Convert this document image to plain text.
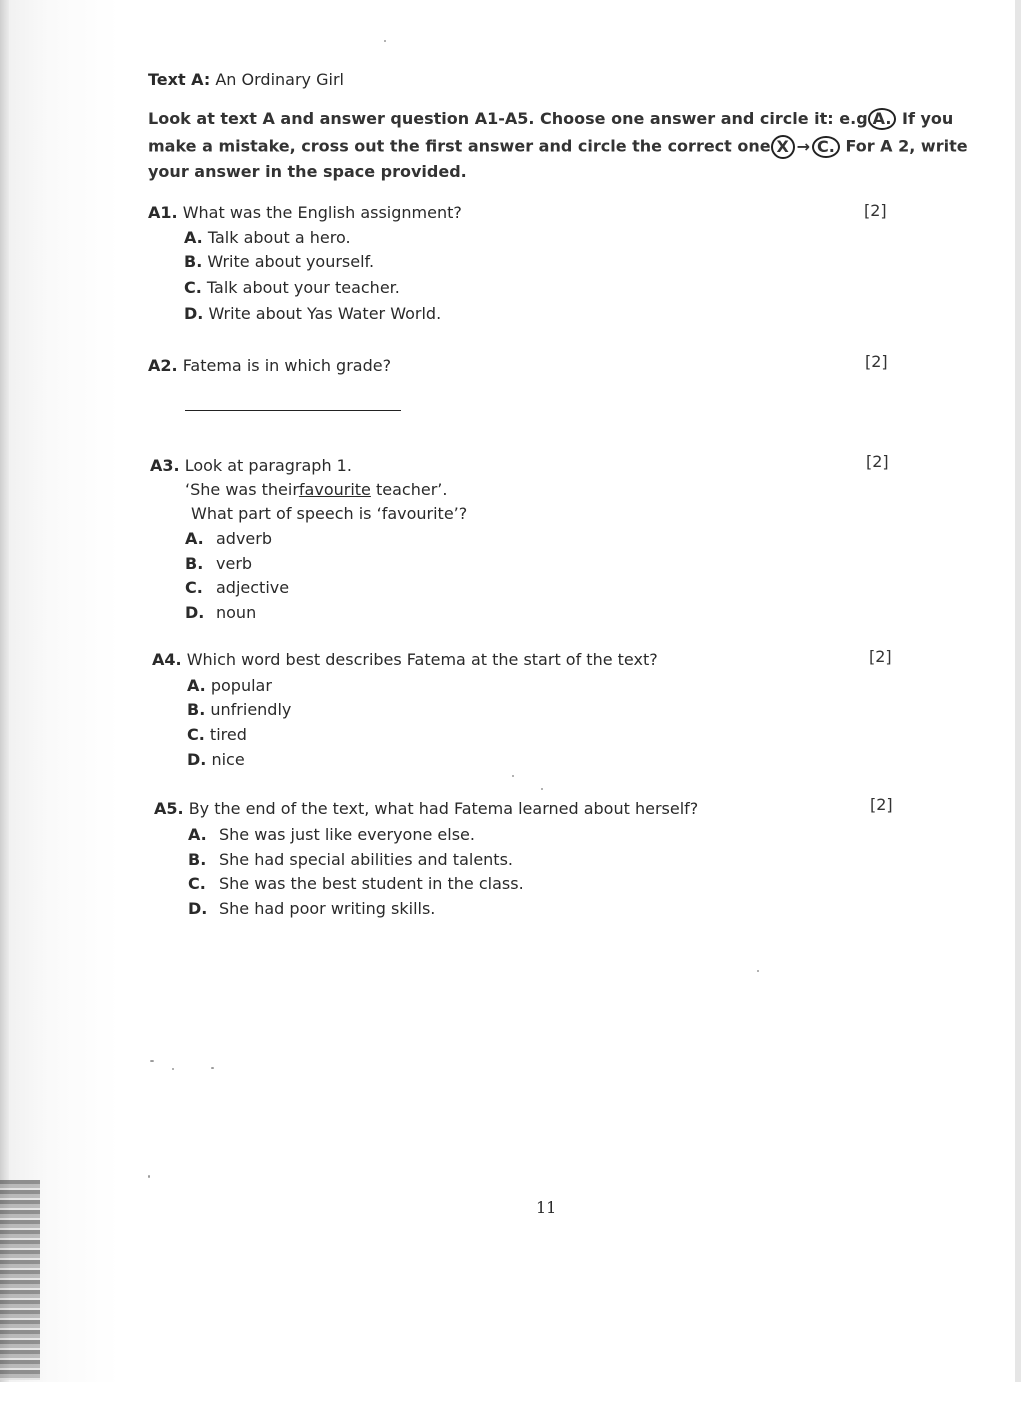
Text A: An Ordinary Girl
Look at text A and answer question A1-A5. Choose one answer and circle it: e.g A. If you
make a mistake, cross out the first answer and circle the correct one X → C. For A 2, write
your answer in the space provided.
A1. What was the English assignment?	[2]
A. Talk about a hero.
B. Write about yourself.
C. Talk about your teacher.
D. Write about Yas Water World.
A2. Fatema is in which grade?	[2]
A3. Look at paragraph 1.	[2]
‘She was theirfavourite teacher’.
What part of speech is ‘favourite’?
A. adverb
B. verb
C. adjective
D. noun
A4. Which word best describes Fatema at the start of the text?	[2]
A. popular
B. unfriendly
C. tired
D. nice
A5. By the end of the text, what had Fatema learned about herself?	[2]
A. She was just like everyone else.
B. She had special abilities and talents.
C. She was the best student in the class.
D. She had poor writing skills.
11
